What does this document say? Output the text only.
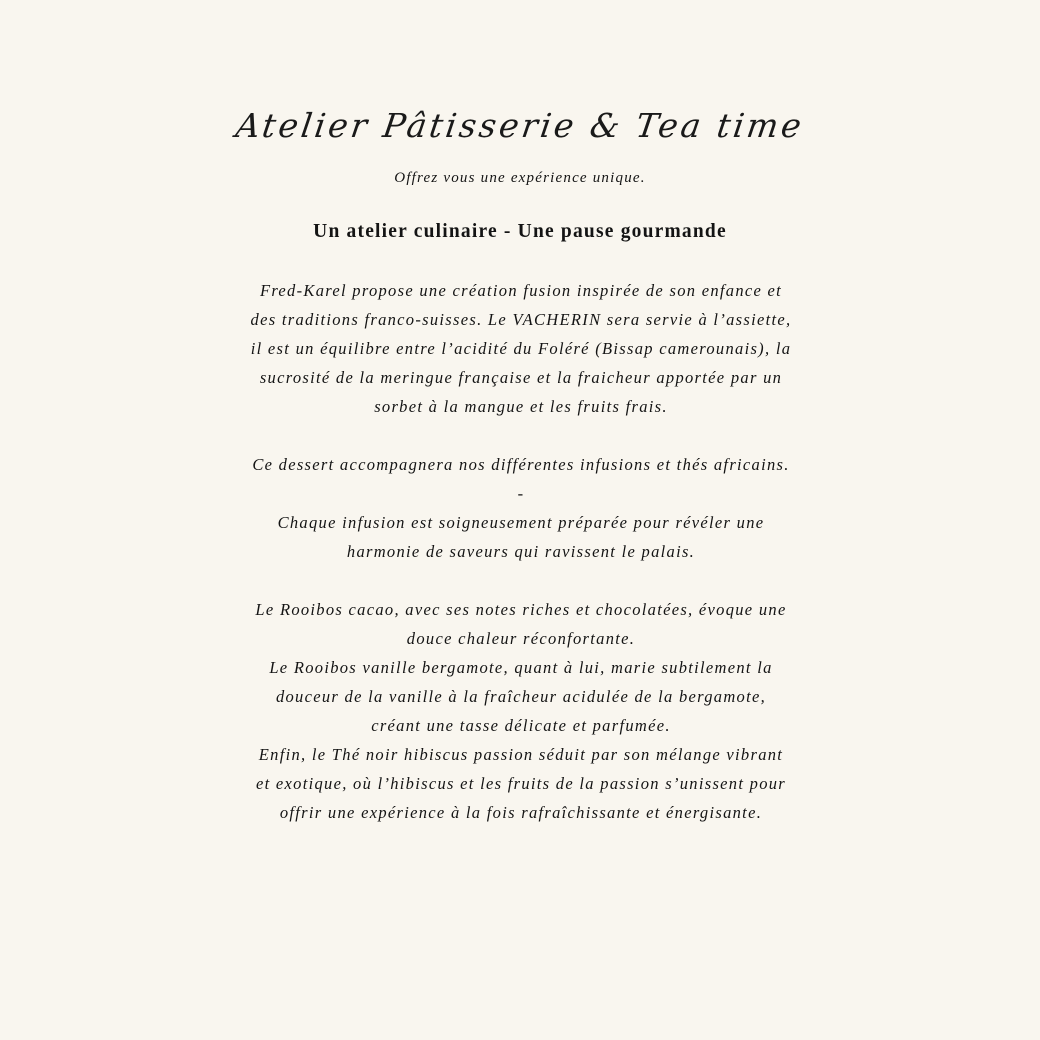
Atelier Pâtisserie & Tea time
Offrez vous une expérience unique.
Un atelier culinaire - Une pause gourmande

Fred-Karel propose une création fusion inspirée de son enfance et des traditions franco-suisses. Le VACHERIN sera servie à l’assiette, il est un équilibre entre l’acidité du Foléré (Bissap camerounais), la sucrosité de la meringue française et la fraicheur apportée par un sorbet à la mangue et les fruits frais.

Ce dessert accompagnera nos différentes infusions et thés africains.

-

Chaque infusion est soigneusement préparée pour révéler une harmonie de saveurs qui ravissent le palais.

Le Rooibos cacao, avec ses notes riches et chocolatées, évoque une douce chaleur réconfortante.

Le Rooibos vanille bergamote, quant à lui, marie subtilement la douceur de la vanille à la fraîcheur acidulée de la bergamote, créant une tasse délicate et parfumée.

Enfin, le Thé noir hibiscus passion séduit par son mélange vibrant et exotique, où l’hibiscus et les fruits de la passion s’unissent pour offrir une expérience à la fois rafraîchissante et énergisante.
